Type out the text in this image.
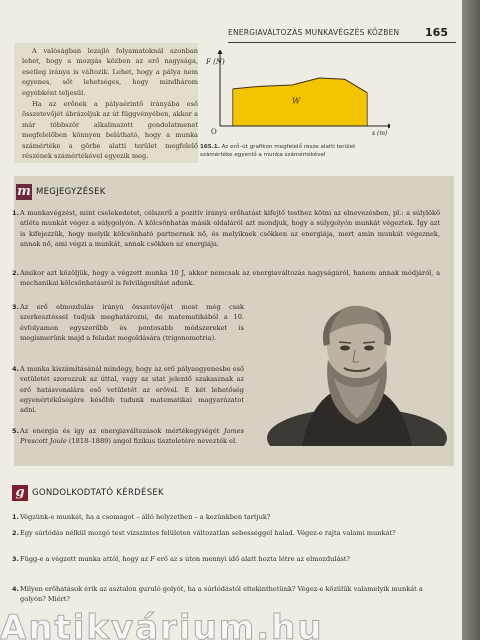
ENERGIAVÁLTOZÁS MUNKAVÉGZÉS KÖZBEN 165

A valóságban lezajló folyamatoknál azonban lehet, hogy a mozgás közben az erő nagysága, esetleg iránya is változik. Lehet, hogy a pálya nem egyenes, sőt lehetséges, hogy mindhárom egyébként teljesül.

Ha az erőnek a pályaérintő irányába eső összetevőjét ábrázoljuk az út függvényében, akkor a már többször alkalmazott gondolatmenet megfelelőben könnyen belátható, hogy a munka számértéke a görbe alatti terület megfelelő részének számértékével egyezik meg.

F (N)
s (m)
O
W
165.1. Az erő–út grafikon megfelelő része alatti terület számértéke egyenlő a munka számértékével
m MEGJEGYZÉSEK
1. A munkavégzést, mint cselekedetet, célszerű a pozitív irányú erőhatást kifejtő testhez kötni az elnevezésben, pl.: a súlylökő atléta munkát végez a súlygolyón. A kölcsönhatás másik oldaláról azt mondjuk, hogy a súlygolyón munkát végeztek. Így azt is kifejezzük, hogy melyik kölcsönható partnernek nő, és melyiknek csökken az energiája, mert amin munkát végeznek, annak nő, ami végzi a munkát, annak csökken az energiája.
2. Amikor azt közöljük, hogy a végzett munka 10 J, akkor nemcsak az energiaváltozás nagyságáról, hanem annak módjáról, a mechanikai kölcsönhatásról is felvilágosítást adunk.
3. Az erő elmozdulás irányú összetevőjét most még csak szerkesztéssel tudjuk meghatározni, de matematikából a 10. évfolyamon egyszerűbb és pontosabb módszereket is megismerünk majd a feladat megoldására (trigonometria).
4. A munka kiszámításánál mindegy, hogy az erő pályaegyenesbe eső vetületét szorozzuk az úttal, vagy az utat jelentő szakasznak az erő hatásvonalára eső vetületét az erővel. E két lehetőség egyenértékűségére később tudunk matematikai magyarázatot adni.
5. Az energia és így az energiaváltozások mértékegységét James Prescott Joule (1818–1889) angol fizikus tiszteletére nevezték el.
g GONDOLKODTATÓ KÉRDÉSEK
1. Végzünk-e munkát, ha a csomagot – álló helyzetben – a kezünkben tartjuk?
2. Egy súrlódás nélkül mozgó test vízszintes felületen változatlan sebességgel halad. Végez-e rajta valami munkát?
3. Függ-e a végzett munka attól, hogy az F erő az s úton mennyi idő alatt hozta létre az elmozdulást?
4. Milyen erőhatások érik az asztalon guruló golyót, ha a súrlódástól eltekinthetünk? Végez-e közülük valamelyik munkát a golyón? Miért?
Antikvárium.hu
